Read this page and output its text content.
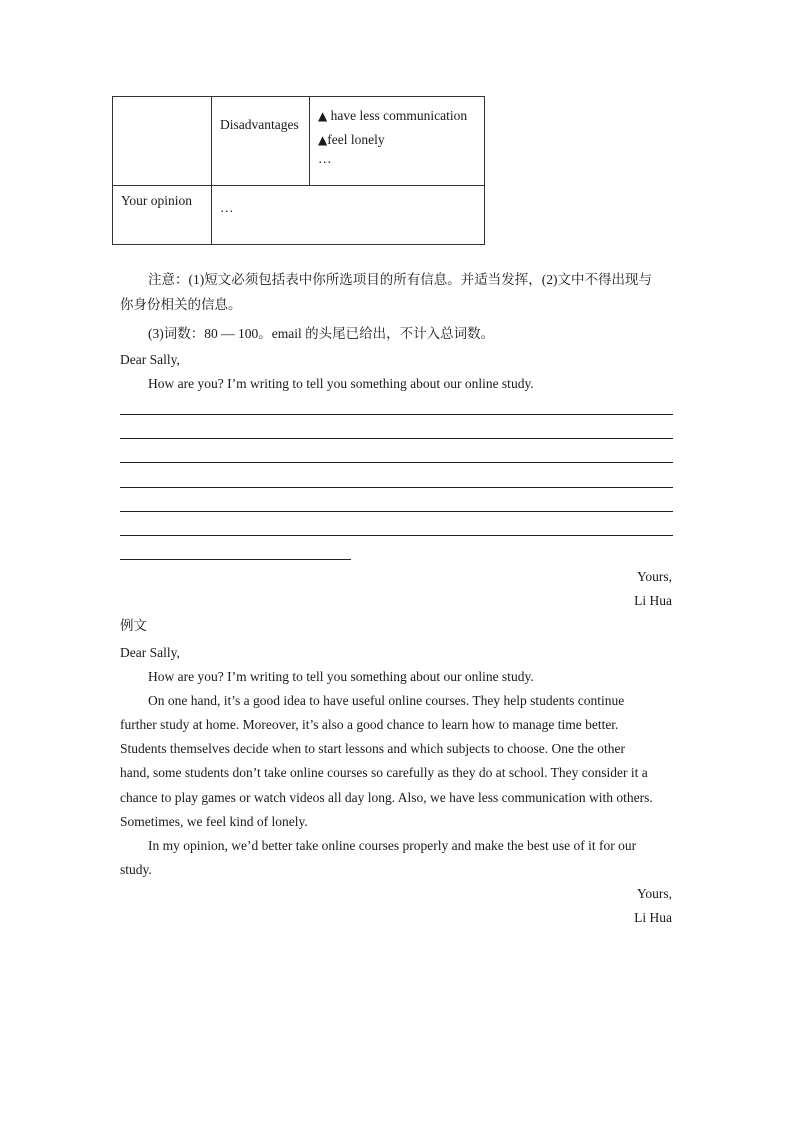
	Disadvantages	▲ have less communication
▲feel lonely
…

Your opinion	…	
注意：(1)短文必须包括表中你所选项目的所有信息。并适当发挥，(2)文中不得出现与
你身份相关的信息。
(3)词数：80 — 100。email 的头尾已给出，不计入总词数。
Dear Sally,
How are you? I’m writing to tell you something about our online study.
Yours,
Li Hua
例文
Dear Sally,
How are you? I’m writing to tell you something about our online study.
On one hand, it’s a good idea to have useful online courses. They help students continue
further study at home. Moreover, it’s also a good chance to learn how to manage time better.
Students themselves decide when to start lessons and which subjects to choose. One the other
hand, some students don’t take online courses so carefully as they do at school. They consider it a
chance to play games or watch videos all day long. Also, we have less communication with others.
Sometimes, we feel kind of lonely.
In my opinion, we’d better take online courses properly and make the best use of it for our
study.
Yours,
Li Hua
